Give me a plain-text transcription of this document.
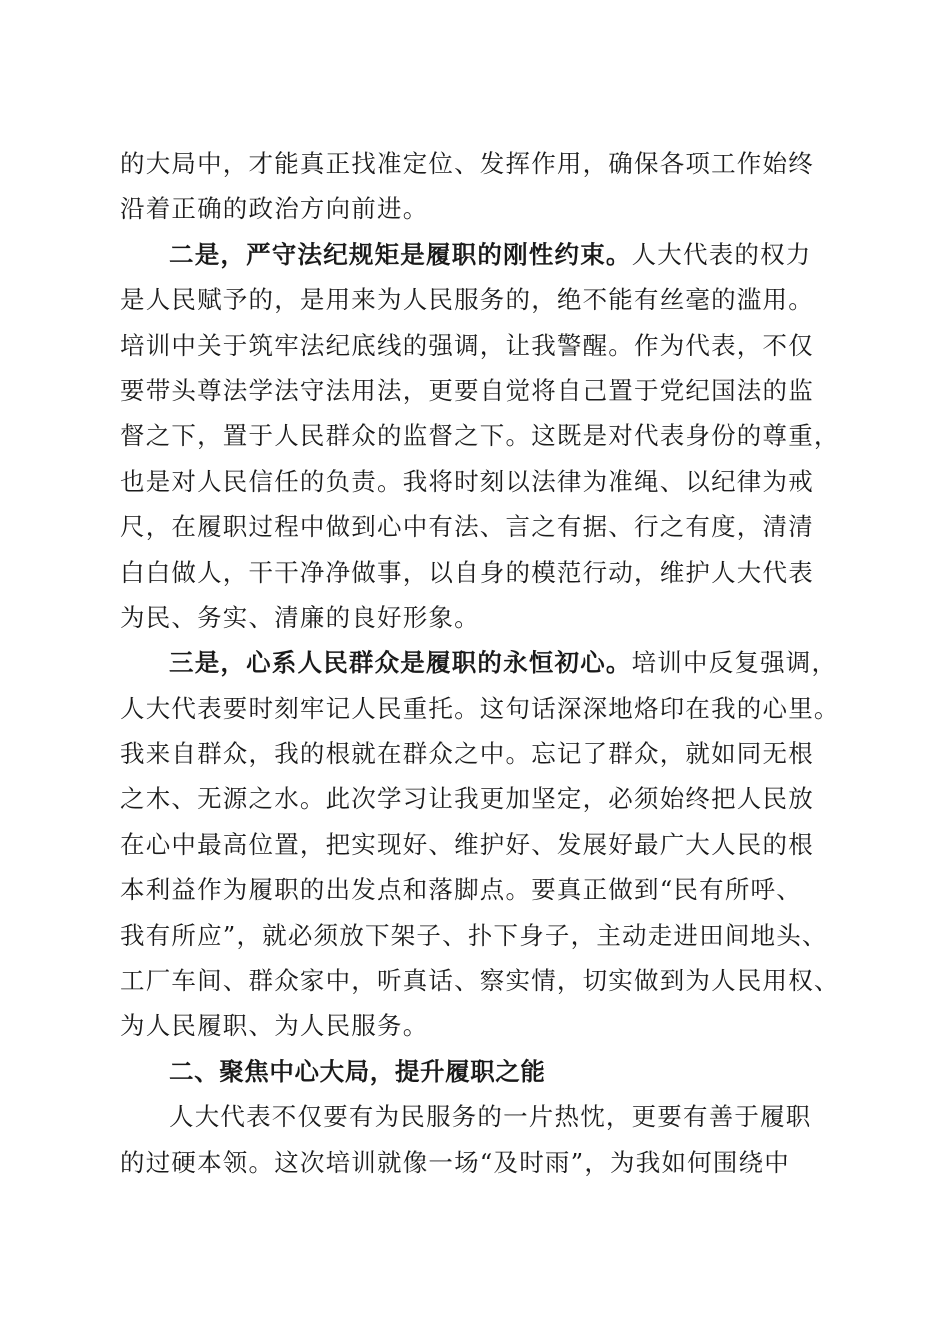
的大局中，才能真正找准定位、发挥作用，确保各项工作始终
沿着正确的政治方向前进。
二是，严守法纪规矩是履职的刚性约束。人大代表的权力
是人民赋予的，是用来为人民服务的，绝不能有丝毫的滥用。
培训中关于筑牢法纪底线的强调，让我警醒。作为代表，不仅
要带头尊法学法守法用法，更要自觉将自己置于党纪国法的监
督之下，置于人民群众的监督之下。这既是对代表身份的尊重，
也是对人民信任的负责。我将时刻以法律为准绳、以纪律为戒
尺，在履职过程中做到心中有法、言之有据、行之有度，清清
白白做人，干干净净做事，以自身的模范行动，维护人大代表
为民、务实、清廉的良好形象。
三是，心系人民群众是履职的永恒初心。培训中反复强调，
人大代表要时刻牢记人民重托。这句话深深地烙印在我的心里。
我来自群众，我的根就在群众之中。忘记了群众，就如同无根
之木、无源之水。此次学习让我更加坚定，必须始终把人民放
在心中最高位置，把实现好、维护好、发展好最广大人民的根
本利益作为履职的出发点和落脚点。要真正做到“民有所呼、
我有所应”，就必须放下架子、扑下身子，主动走进田间地头、
工厂车间、群众家中，听真话、察实情，切实做到为人民用权、
为人民履职、为人民服务。
二、聚焦中心大局，提升履职之能
人大代表不仅要有为民服务的一片热忱，更要有善于履职
的过硬本领。这次培训就像一场“及时雨”，为我如何围绕中
